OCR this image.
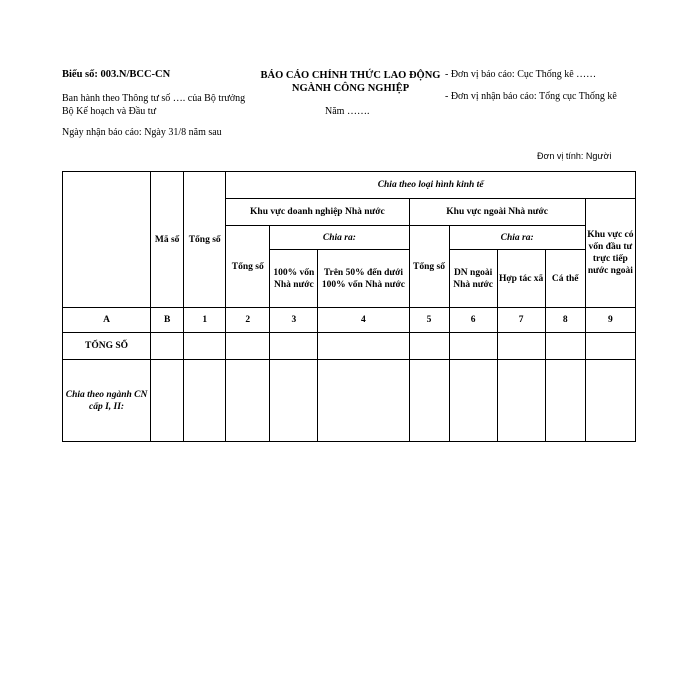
Biểu số: 003.N/BCC-CN	BÁO CÁO CHÍNH THỨC LAO ĐỘNG NGÀNH CÔNG NGHIỆP
Ban hành theo Thông tư số …. của Bộ trưởng Bộ Kế hoạch và Đầu tư	Năm …….
- Đơn vị báo cáo: Cục Thống kê ……
- Đơn vị nhận báo cáo: Tổng cục Thống kê
Ngày nhận báo cáo: Ngày 31/8 năm sau
Đơn vị tính: Người
	Mã số	Tổng số	Chia theo loại hình kinh tế							
			Khu vực doanh nghiệp Nhà nước			Khu vực ngoài Nhà nước				Khu vực có vốn đầu tư trực tiếp nước ngoài
			Tổng số	Chia ra:		Tổng số	Chia ra:			
				100% vốn Nhà nước	Trên 50% đến dưới 100% vốn Nhà nước		DN ngoài Nhà nước	Hợp tác xã	Cá thể	
A	B	1	2	3	4	5	6	7	8	9
TỔNG SỐ										
Chia theo ngành CN cấp I, II:										
